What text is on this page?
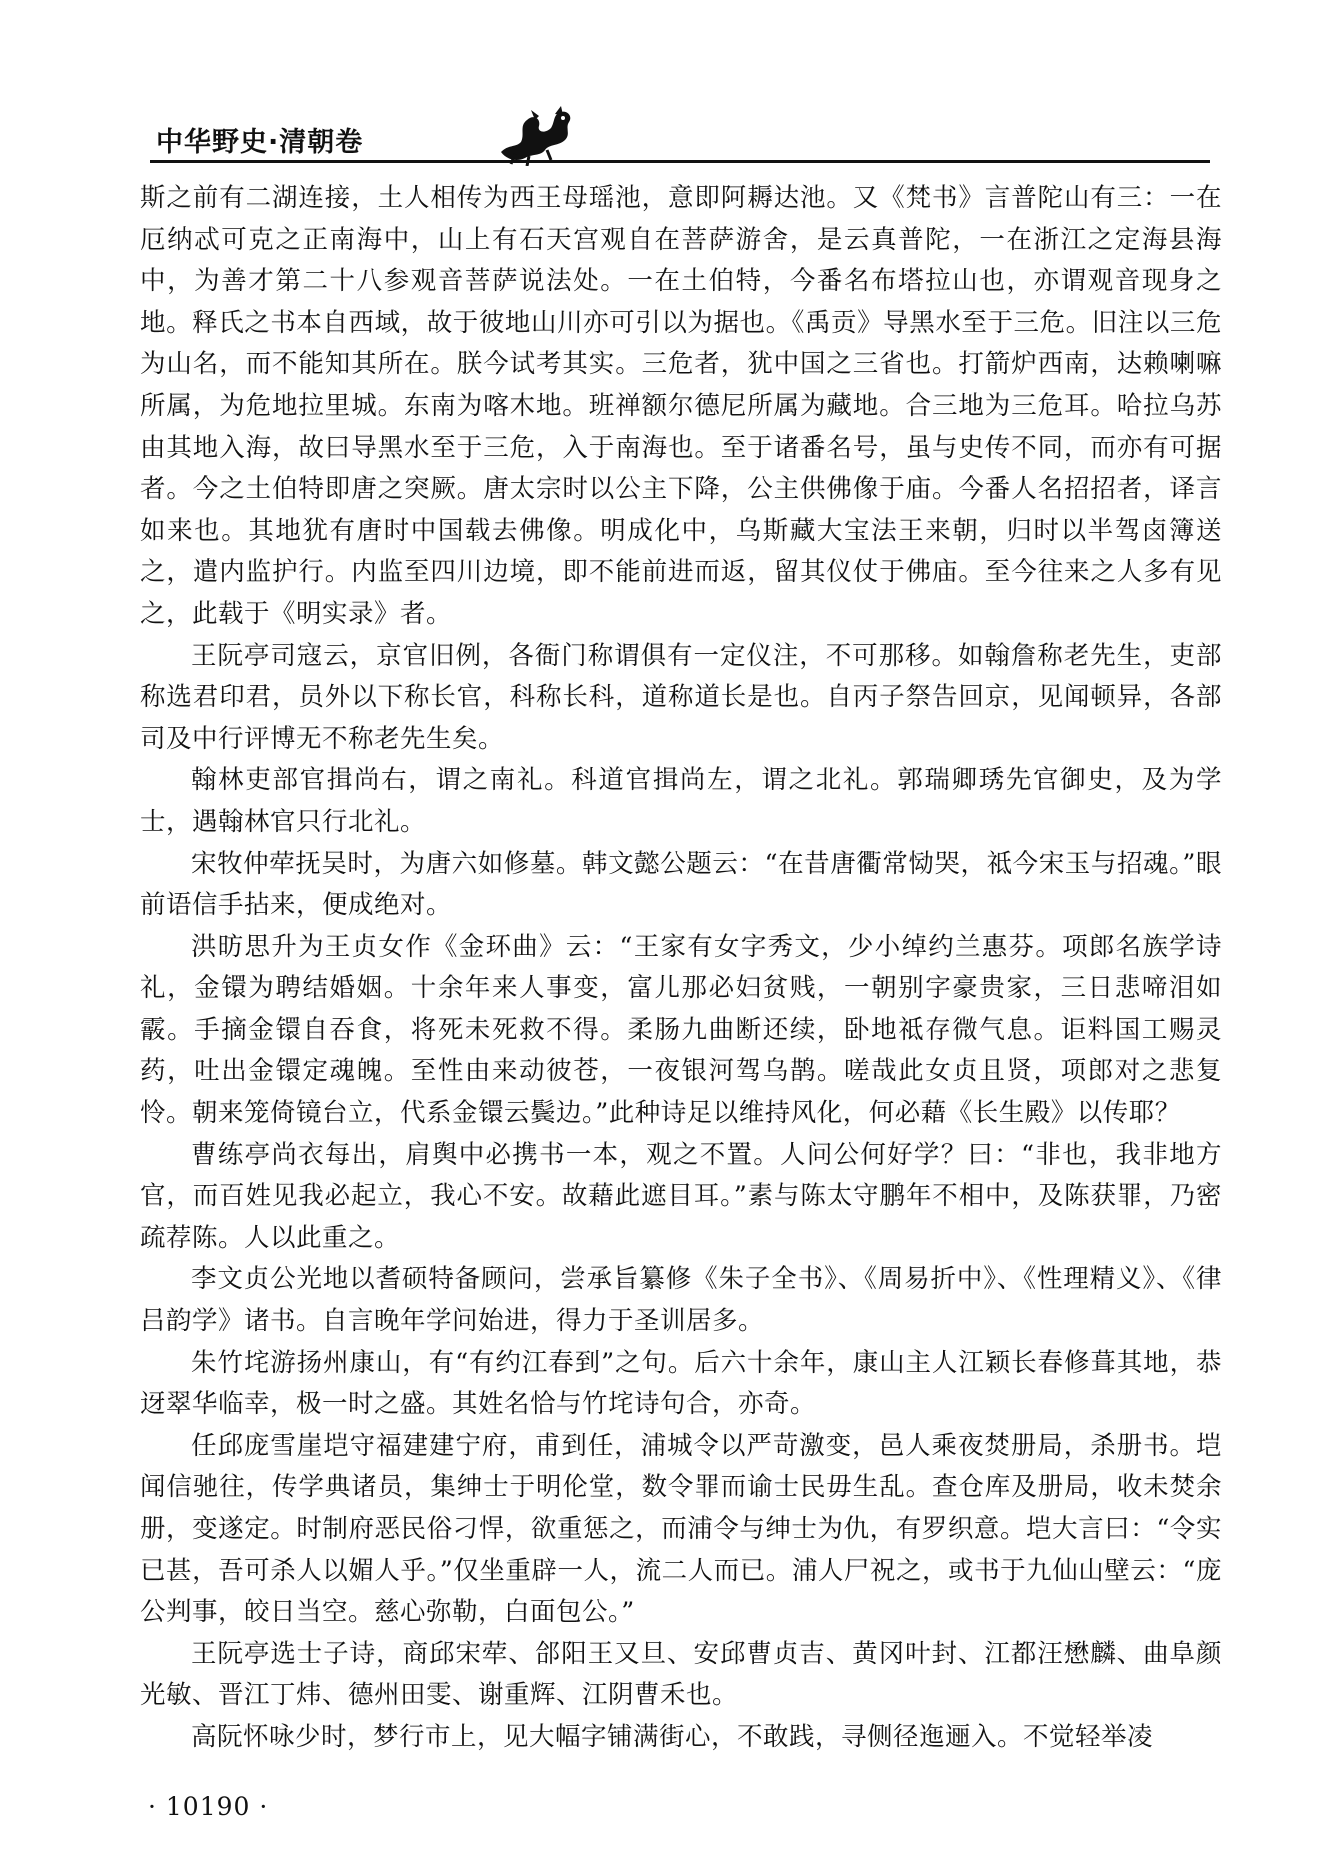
中华野史·清朝卷

斯之前有二湖连接，土人相传为西王母瑶池，意即阿耨达池。又《梵书》言普陀山有三：一在厄纳忒可克之正南海中，山上有石天宫观自在菩萨游舍，是云真普陀，一在浙江之定海县海中，为善才第二十八参观音菩萨说法处。一在土伯特，今番名布塔拉山也，亦谓观音现身之地。释氏之书本自西域，故于彼地山川亦可引以为据也。《禹贡》导黑水至于三危。旧注以三危为山名，而不能知其所在。朕今试考其实。三危者，犹中国之三省也。打箭炉西南，达赖喇嘛所属，为危地拉里城。东南为喀木地。班禅额尔德尼所属为藏地。合三地为三危耳。哈拉乌苏由其地入海，故曰导黑水至于三危，入于南海也。至于诸番名号，虽与史传不同，而亦有可据者。今之土伯特即唐之突厥。唐太宗时以公主下降，公主供佛像于庙。今番人名招招者，译言如来也。其地犹有唐时中国载去佛像。明成化中，乌斯藏大宝法王来朝，归时以半驾卤簿送之，遣内监护行。内监至四川边境，即不能前进而返，留其仪仗于佛庙。至今往来之人多有见之，此载于《明实录》者。

王阮亭司寇云，京官旧例，各衙门称谓俱有一定仪注，不可那移。如翰詹称老先生，吏部称选君印君，员外以下称长官，科称长科，道称道长是也。自丙子祭告回京，见闻顿异，各部司及中行评博无不称老先生矣。

翰林吏部官揖尚右，谓之南礼。科道官揖尚左，谓之北礼。郭瑞卿琇先官御史，及为学士，遇翰林官只行北礼。

宋牧仲荦抚吴时，为唐六如修墓。韩文懿公题云：“在昔唐衢常恸哭，祗今宋玉与招魂。”眼前语信手拈来，便成绝对。

洪昉思升为王贞女作《金环曲》云：“王家有女字秀文，少小绰约兰惠芬。项郎名族学诗礼，金镮为聘结婚姻。十余年来人事变，富儿那必妇贫贱，一朝别字豪贵家，三日悲啼泪如霰。手摘金镮自吞食，将死未死救不得。柔肠九曲断还续，卧地祗存微气息。讵料国工赐灵药，吐出金镮定魂魄。至性由来动彼苍，一夜银河驾乌鹊。嗟哉此女贞且贤，项郎对之悲复怜。朝来笼倚镜台立，代系金镮云鬓边。”此种诗足以维持风化，何必藉《长生殿》以传耶？

曹练亭尚衣每出，肩舆中必携书一本，观之不置。人问公何好学？曰：“非也，我非地方官，而百姓见我必起立，我心不安。故藉此遮目耳。”素与陈太守鹏年不相中，及陈获罪，乃密疏荐陈。人以此重之。

李文贞公光地以耆硕特备顾问，尝承旨纂修《朱子全书》、《周易折中》、《性理精义》、《律吕韵学》诸书。自言晚年学问始进，得力于圣训居多。

朱竹垞游扬州康山，有“有约江春到”之句。后六十余年，康山主人江颖长春修葺其地，恭迓翠华临幸，极一时之盛。其姓名恰与竹垞诗句合，亦奇。

任邱庞雪崖垲守福建建宁府，甫到任，浦城令以严苛激变，邑人乘夜焚册局，杀册书。垲闻信驰往，传学典诸员，集绅士于明伦堂，数令罪而谕士民毋生乱。查仓库及册局，收未焚余册，变遂定。时制府恶民俗刁悍，欲重惩之，而浦令与绅士为仇，有罗织意。垲大言曰：“令实已甚，吾可杀人以媚人乎。”仅坐重辟一人，流二人而已。浦人尸祝之，或书于九仙山壁云：“庞公判事，皎日当空。慈心弥勒，白面包公。”

王阮亭选士子诗，商邱宋荦、郃阳王又旦、安邱曹贞吉、黄冈叶封、江都汪懋麟、曲阜颜光敏、晋江丁炜、德州田雯、谢重辉、江阴曹禾也。

高阮怀咏少时，梦行市上，见大幅字铺满街心，不敢践，寻侧径迤逦入。不觉轻举凌

· 10190 ·
